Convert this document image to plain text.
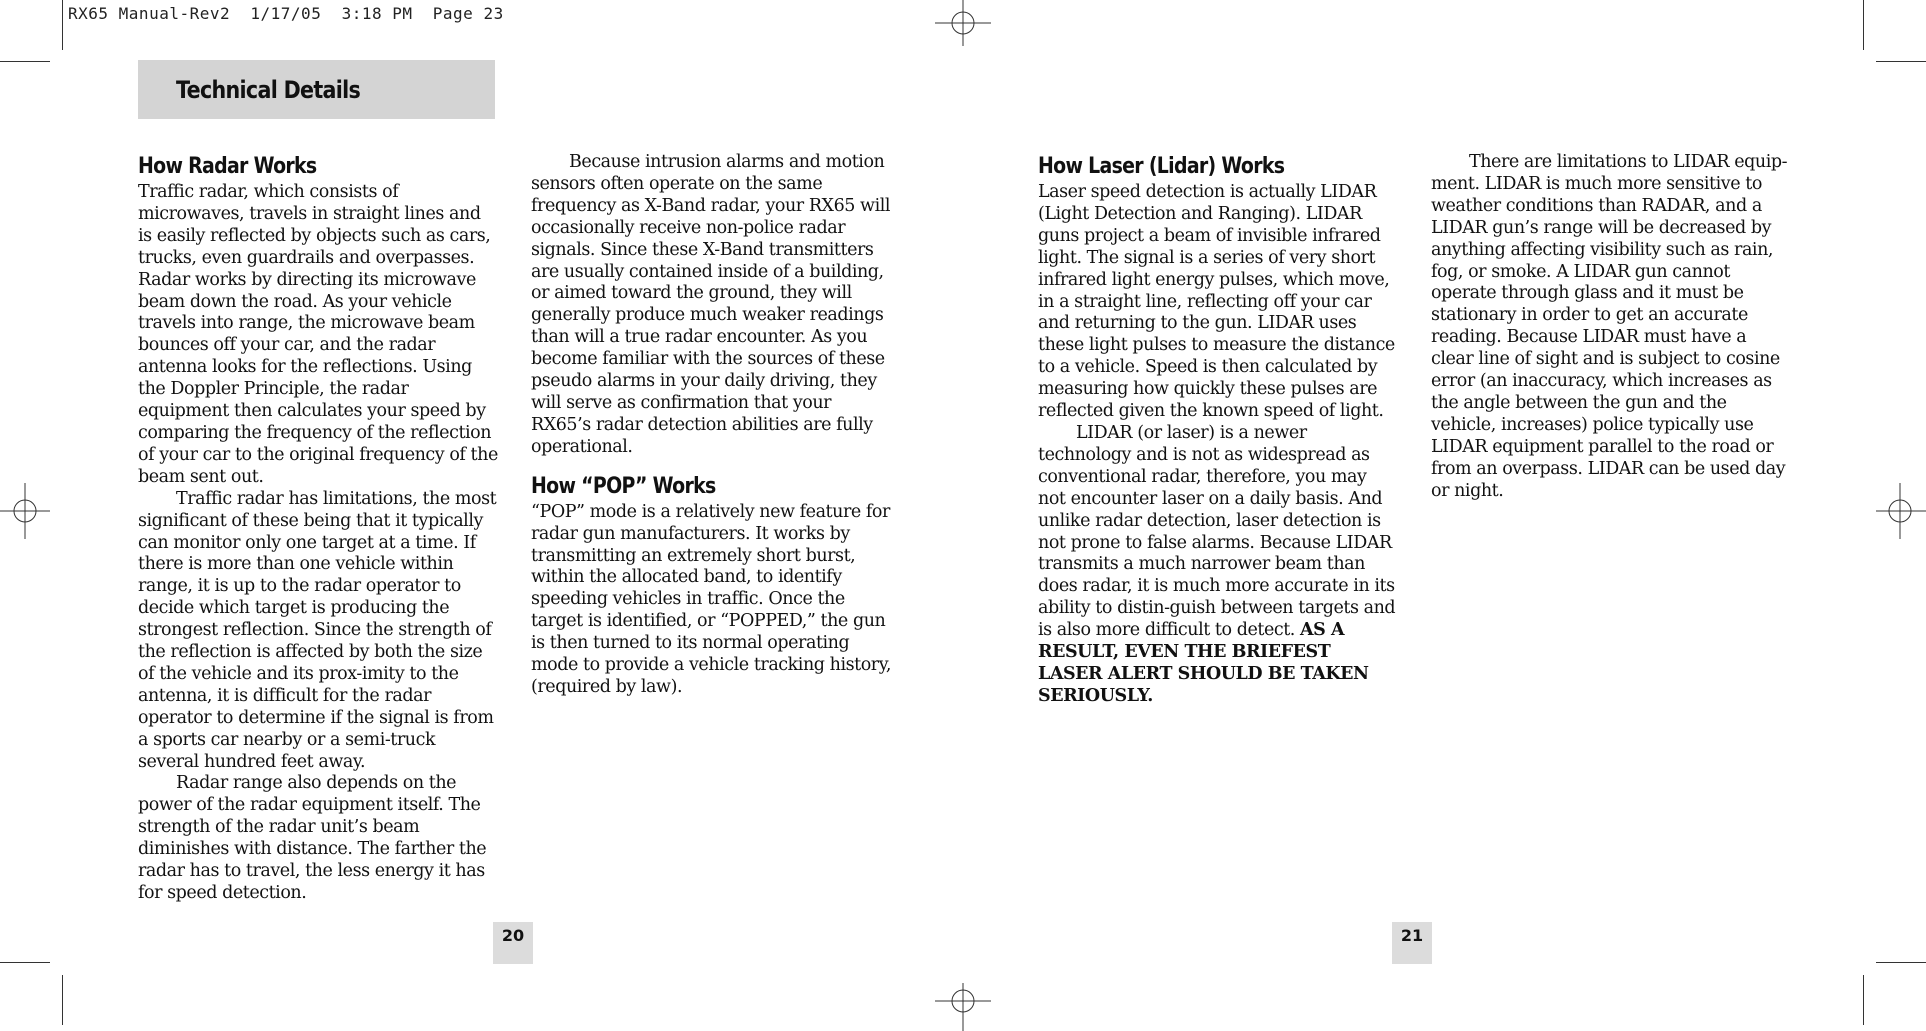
RX65 Manual-Rev2  1/17/05  3:18 PM  Page 23
Technical Details
How Radar Works

Traffic radar, which consists of microwaves, travels in straight lines and is easily reflected by objects such as cars, trucks, even guardrails and overpasses. Radar works by directing its microwave beam down the road. As your vehicle travels into range, the microwave beam bounces off your car, and the radar antenna looks for the reflections. Using the Doppler Principle, the radar equipment then calculates your speed by comparing the frequency of the reflection of your car to the original frequency of the beam sent out.

Traffic radar has limitations, the most significant of these being that it typically can monitor only one target at a time. If there is more than one vehicle within range, it is up to the radar operator to decide which target is producing the strongest reflection. Since the strength of the reflection is affected by both the size of the vehicle and its prox-imity to the antenna, it is difficult for the radar operator to determine if the signal is from a sports car nearby or a semi-truck several hundred feet away.

Radar range also depends on the power of the radar equipment itself. The strength of the radar unit’s beam diminishes with distance. The farther the radar has to travel, the less energy it has for speed detection.

Because intrusion alarms and motion sensors often operate on the same frequency as X-Band radar, your RX65 will occasionally receive non-police radar signals. Since these X-Band transmitters are usually contained inside of a building, or aimed toward the ground, they will generally produce much weaker readings than will a true radar encounter. As you become familiar with the sources of these pseudo alarms in your daily driving, they will serve as confirmation that your RX65’s radar detection abilities are fully operational.

How “POP” Works

“POP” mode is a relatively new feature for radar gun manufacturers. It works by transmitting an extremely short burst, within the allocated band, to identify speeding vehicles in traffic. Once the target is identified, or “POPPED,” the gun is then turned to its normal operating mode to provide a vehicle tracking history, (required by law).

How Laser (Lidar) Works

Laser speed detection is actually LIDAR (Light Detection and Ranging). LIDAR guns project a beam of invisible infrared light. The signal is a series of very short infrared light energy pulses, which move, in a straight line, reflecting off your car and returning to the gun. LIDAR uses these light pulses to measure the distance to a vehicle. Speed is then calculated by measuring how quickly these pulses are reflected given the known speed of light.

LIDAR (or laser) is a newer technology and is not as widespread as conventional radar, therefore, you may not encounter laser on a daily basis. And unlike radar detection, laser detection is not prone to false alarms. Because LIDAR transmits a much narrower beam than does radar, it is much more accurate in its ability to distin-guish between targets and is also more difficult to detect. AS A RESULT, EVEN THE BRIEFEST LASER ALERT SHOULD BE TAKEN SERIOUSLY.

There are limitations to LIDAR equip-ment. LIDAR is much more sensitive to weather conditions than RADAR, and a LIDAR gun’s range will be decreased by anything affecting visibility such as rain, fog, or smoke. A LIDAR gun cannot operate through glass and it must be stationary in order to get an accurate reading. Because LIDAR must have a clear line of sight and is subject to cosine error (an inaccuracy, which increases as the angle between the gun and the vehicle, increases) police typically use LIDAR equipment parallel to the road or from an overpass. LIDAR can be used day or night.

20	21
